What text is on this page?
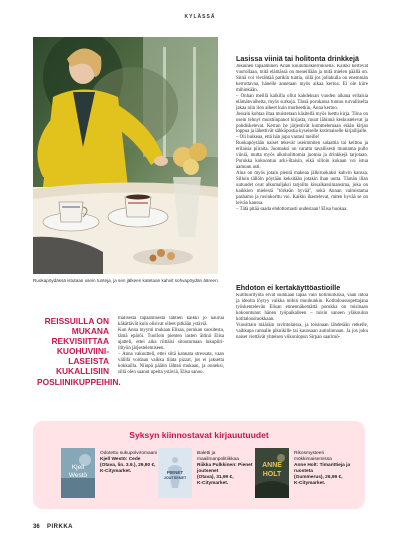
KYLÄSSÄ
Ruokapöydässä istutaan usein tunteja, ja sen jälkeen katetaan kahvit sohvapöydän ääreen.
Lasissa viiniä tai holitonta drinkkejä
Jokainen tapaaminen Ailan kuulumiskierroksella. Kaikki kertovat vuorollaan, mitä elämässä on meneillään ja mitä mielen päällä on. Siinä voi vierähtää parikin tuntia, sillä jos jollakulla on enemmän kerrottavaa, hänelle annetaan myös aikaa kertoa. Ei ole kiire mihinkään.
– Onhan meillä kaikilla ollut kahdeksan vuoden aikana erilaisia elämänvaiheita, myös surkuja. Tässä porukassa tuntuu turvalliselta jakaa niin ilon aiheet kuin murheetkin, Anna kertoo.
Jossain kohtaa iltaa muistetaan käsitellä myös luettu kirja. Tiina on usein tehnyt muistiinpanot kirjasta, muut lähinnä keskustelevat ja pohdiskelevat. Kerran he järjestivät kummelemaan erään kirjan loppua ja lähettivät sähköpostia kyseiselle kotimaiselle kirjailijalle.
– Oli huikeaa, että hän jopa vastasi meille!
Ruokapöytään naiset tekevät useimmiten salaattia tai keittoa ja erilaisia piiraita. Juomaksi on varattu tavallisesti muutama pullo viiniä, mutta myös alkoholittomia juomia ja drinkkejä tarjotaan. Porukka kokoontuu arki-iltaisin, eikä silloin kukaan voi istua aamuun asti.
Aina on myös jotain pientä makeaa jälkiruokaksi kahvin kanssa. Silloin tällöin pöytään keksitään jotakin ihan uutta. Tämän illan uutuudet ovat alkumaljaksi tarjoiltu kissalkassimansima, joka on kaikkien mielestä "törkeän hyvää", sekä Annan valmistama pashamo ja rusinkorttu voi. Kaikki ihastelevat, miten hyvää se on leivän kanssa.
– Tätä pitää saada ehdottomasti uudestaan! Elisa huokaa.
Ehdoton ei kertakäyttöastioille
Kulttuurityötä eivät suinkaan tapaa vain kotimurkissa, vaan intoa ja ideoita löytyy vaikka mihin muuhunkin. Kotitaloussopettajana työskentelevän Elisan ennennäkemättä porukka on toisinaan kokoontunut hänen työpaikalleen – toisin sanoen yläkoulun kotitalousluokkaan.
Vuosittain määräin ravintolaissa, ja toisinaan lähdetään retkelle, vaikkapa rannalle piknikille tai kaunsaan autiolinnaan. Ja jos joku naiset viettävät yhteisen viikonlopun Sirpan saarimö-
REISSUILLA ON MUKANA REKVISIITTAA KUOHUVIINI-LASEISTA KUKALLISIIN POSLIINIKUPPEIHIN.
mälisestä tapaamisesta lähtien kaikki jo naurua käkättävät kuin olisivat olleet pitkään ystäviä.
Kun Anna myymi mukaan Elisaa, porukan suositesta, tämä epäröi. Tuolloin pienten lasten äitinä Elisa ajatteli, ettei aika riittäisi sitoutumaan lukupiiri-ilityön järjestelemiseen.
– Anna vakuutteli, ettei siitä kannata stressata, vaan välillä voidaan vaikka tilata pizzat, jos ei jaksetta kokkailla. Niinpä päätin lähteä mukaan, ja onneksi, sillä olen saanut upeita ystäviä, Elisa sanoo.
Syksyn kiinnostavat kirjauutuudet
Kjell
Westö
Odotettu sukupolviromaani
Kjell Westö: Cede
(Otava, lin. 3.9.), 29,90 €,
K-Citymarket.	PIENET
JOUTSENET
Baletti ja maailmanpolitiikkaa
Riikka Pulkkinen: Pienet joutsenet
(Otava), 31,99 €,
K-Citymarket.
ANNE
HOLT
Rikosmysteeri mökkimaisemissa
Anne Holt: Timanttieja ja ruosteta
(Gummerus), 26,99 €,
K-Citymarket.
36 PIRKKA
